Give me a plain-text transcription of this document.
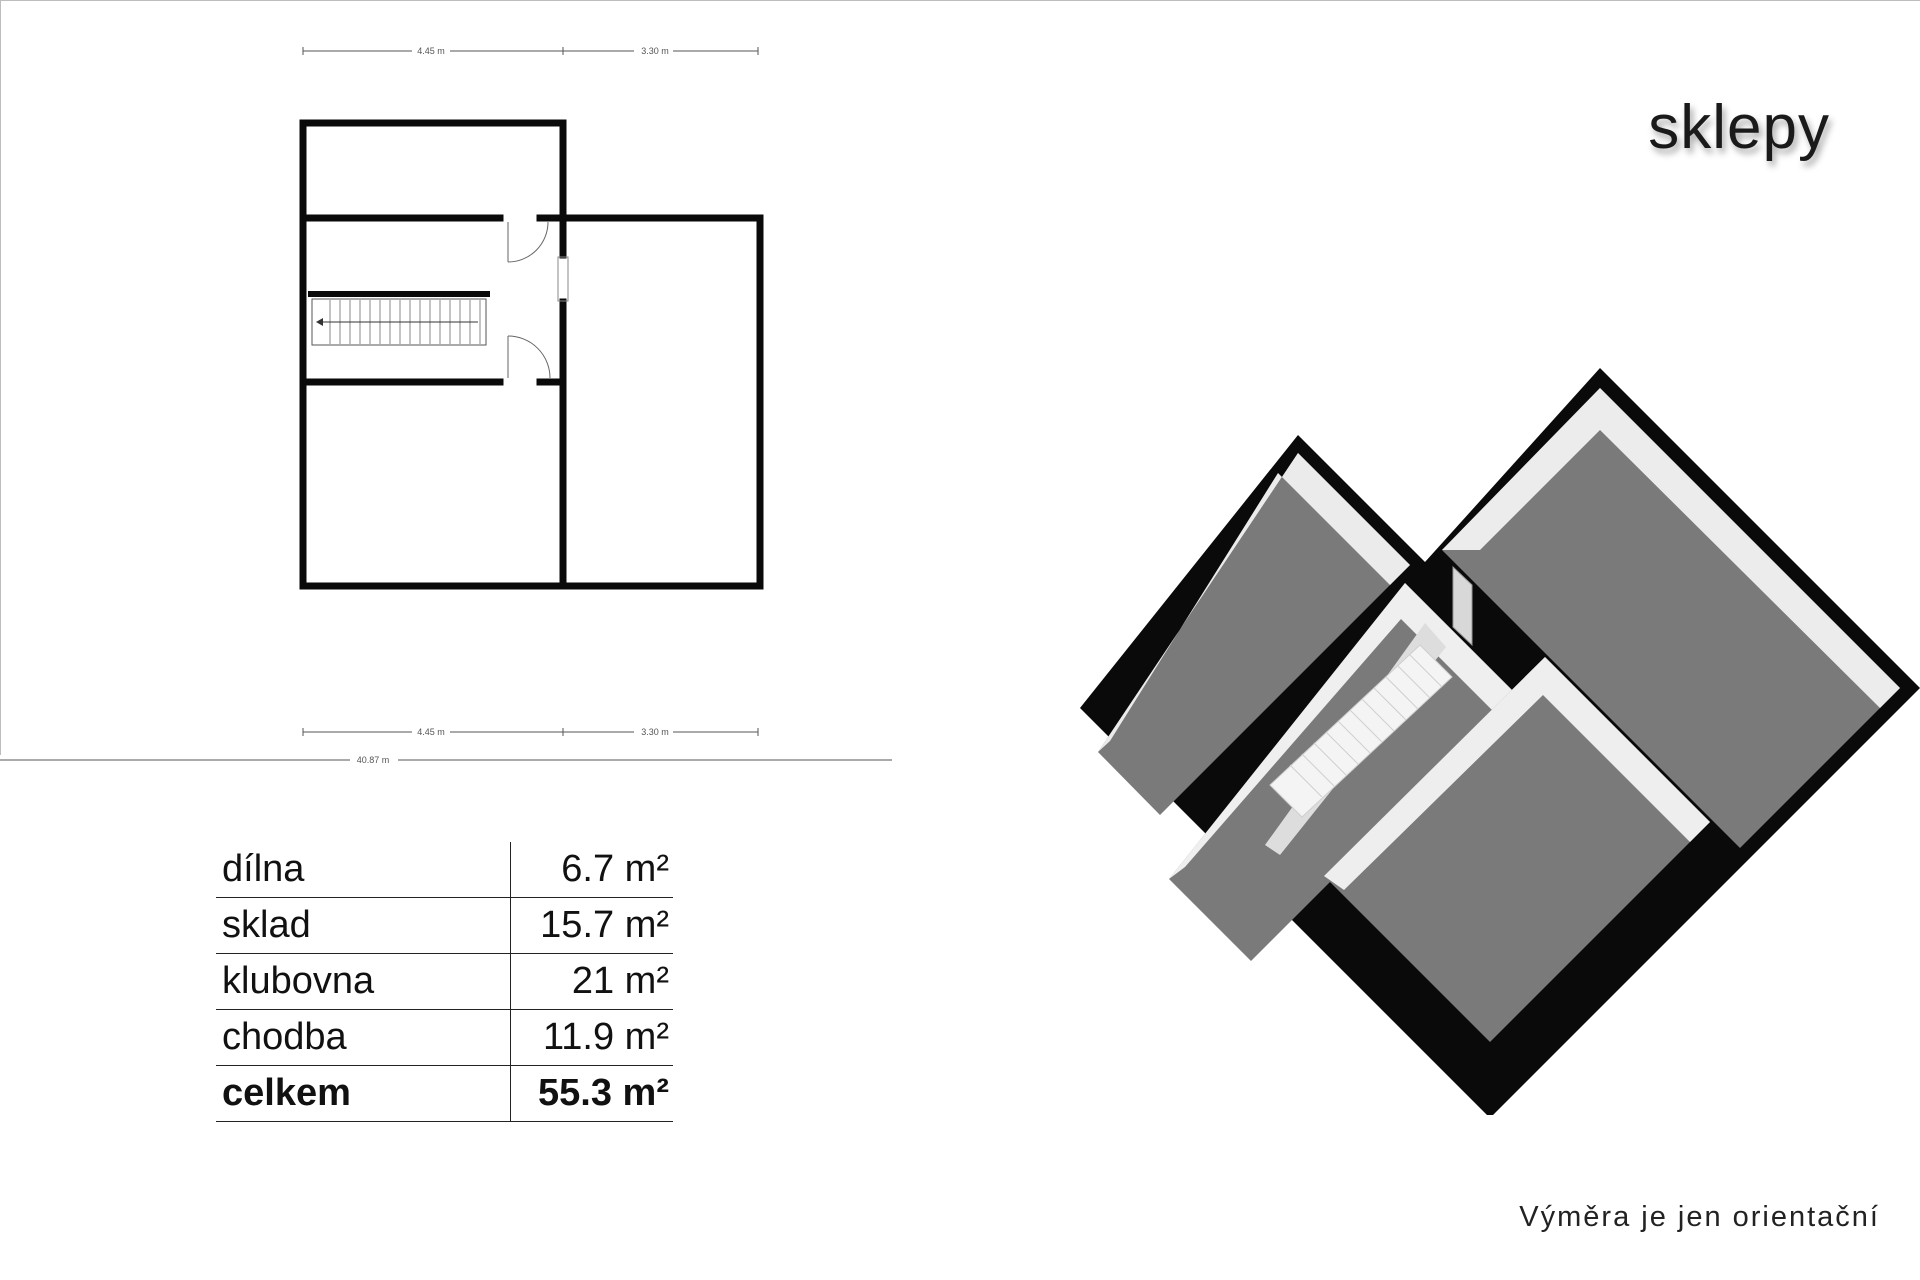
4.45 m	3.30 m
4.45 m	3.30 m
40.87 m
sklepy
dílna	6.7 m²
sklad	15.7 m²
klubovna	21 m²
chodba	11.9 m²
celkem	55.3 m²
Výměra je jen orientační
